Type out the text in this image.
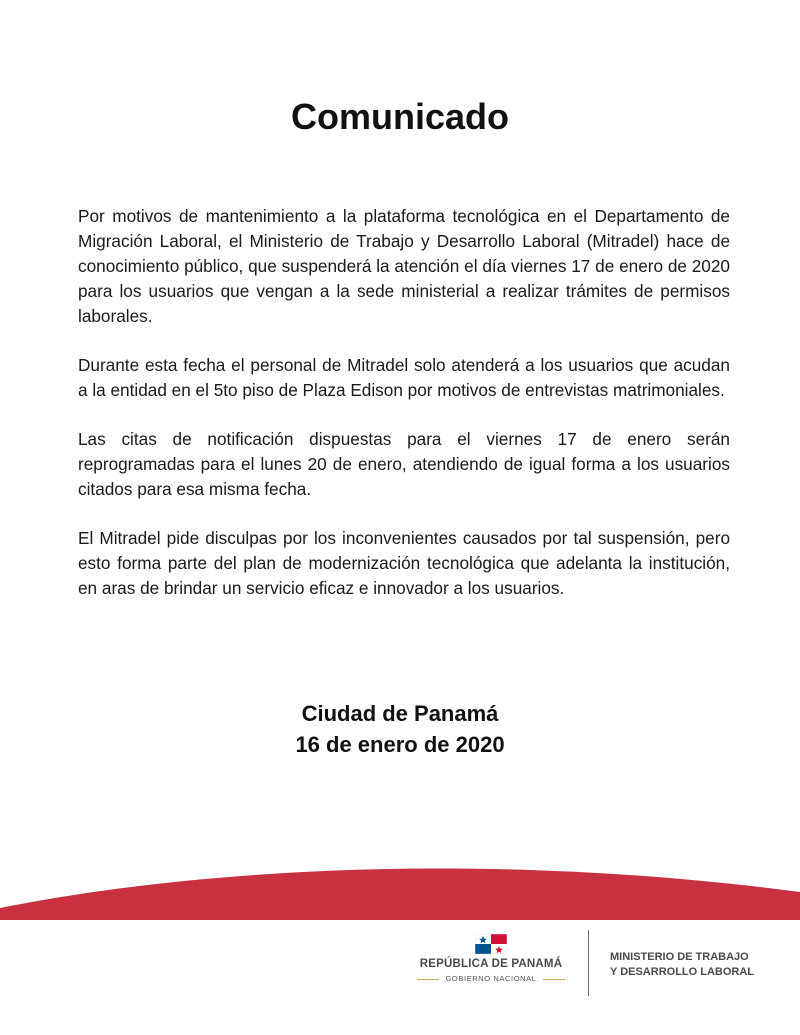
Comunicado

Por motivos de mantenimiento a la plataforma tecnológica en el Departamento de Migración Laboral, el Ministerio de Trabajo y Desarrollo Laboral (Mitradel) hace de conocimiento público, que suspenderá la atención el día viernes 17 de enero de 2020 para los usuarios que vengan a la sede ministerial a realizar trámites de permisos laborales.

Durante esta fecha el personal de Mitradel solo atenderá a los usuarios que acudan a la entidad en el 5to piso de Plaza Edison por motivos de entrevistas matrimoniales.

Las citas de notificación dispuestas para el viernes 17 de enero serán reprogramadas para el lunes 20 de enero, atendiendo de igual forma a los usuarios citados para esa misma fecha.

El Mitradel pide disculpas por los inconvenientes causados por tal suspensión, pero esto forma parte del plan de modernización tecnológica que adelanta la institución, en aras de brindar un servicio eficaz e innovador a los usuarios.

Ciudad de Panamá
16 de enero de 2020
REPÚBLICA DE PANAMÁ
GOBIERNO NACIONAL
MINISTERIO DE TRABAJO
Y DESARROLLO LABORAL
